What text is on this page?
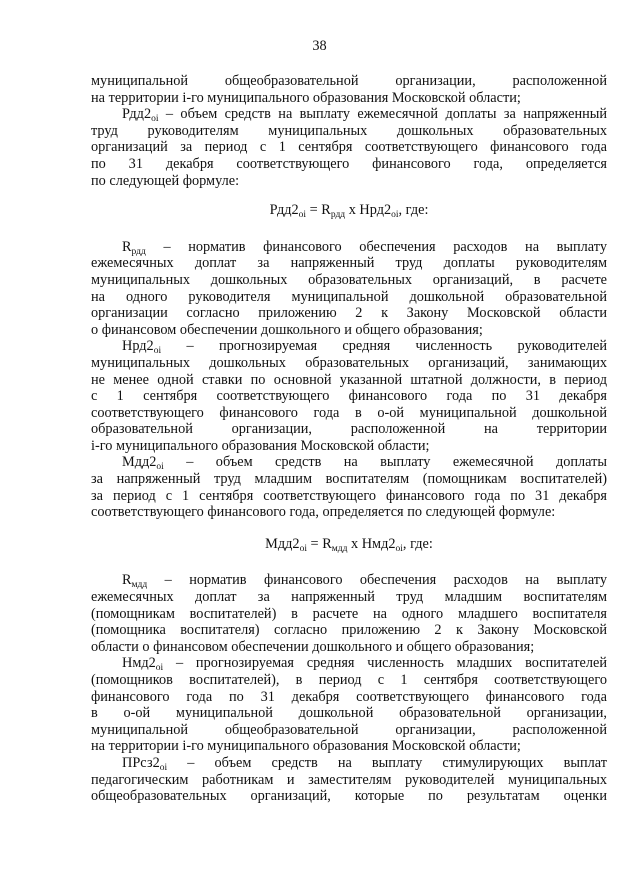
38
муниципальной общеобразовательной организации, расположенной
на территории i-го муниципального образования Московской области;
$Рдд2_{oi}$ – объем средств на выплату ежемесячной доплаты за напряженный
труд руководителям муниципальных дошкольных образовательных
организаций за период с 1 сентября соответствующего финансового года
по 31 декабря соответствующего финансового года, определяется
по следующей формуле:
$Рдд2_{oi} = R_{рдд}$ х $Нрд2_{oi}$, где:
$R_{рдд}$ – норматив финансового обеспечения расходов на выплату
ежемесячных доплат за напряженный труд доплаты руководителям
муниципальных дошкольных образовательных организаций, в расчете
на одного руководителя муниципальной дошкольной образовательной
организации согласно приложению 2 к Закону Московской области
о финансовом обеспечении дошкольного и общего образования;
$Нрд2_{oi}$ – прогнозируемая средняя численность руководителей
муниципальных дошкольных образовательных организаций, занимающих
не менее одной ставки по основной указанной штатной должности, в период
с 1 сентября соответствующего финансового года по 31 декабря
соответствующего финансового года в o-ой муниципальной дошкольной
образовательной организации, расположенной на территории
i-го муниципального образования Московской области;
$Мдд2_{oi}$ – объем средств на выплату ежемесячной доплаты
за напряженный труд младшим воспитателям (помощникам воспитателей)
за период с 1 сентября соответствующего финансового года по 31 декабря
соответствующего финансового года, определяется по следующей формуле:
$Мдд2_{oi} = R_{мдд}$ х $Нмд2_{oi}$, где:
$R_{мдд}$ – норматив финансового обеспечения расходов на выплату
ежемесячных доплат за напряженный труд младшим воспитателям
(помощникам воспитателей) в расчете на одного младшего воспитателя
(помощника воспитателя) согласно приложению 2 к Закону Московской
области о финансовом обеспечении дошкольного и общего образования;
$Нмд2_{oi}$ – прогнозируемая средняя численность младших воспитателей
(помощников воспитателей), в период с 1 сентября соответствующего
финансового года по 31 декабря соответствующего финансового года
в o-ой муниципальной дошкольной образовательной организации,
муниципальной общеобразовательной организации, расположенной
на территории i-го муниципального образования Московской области;
$ПРсз2_{oi}$ – объем средств на выплату стимулирующих выплат
педагогическим работникам и заместителям руководителей муниципальных
общеобразовательных организаций, которые по результатам оценки
